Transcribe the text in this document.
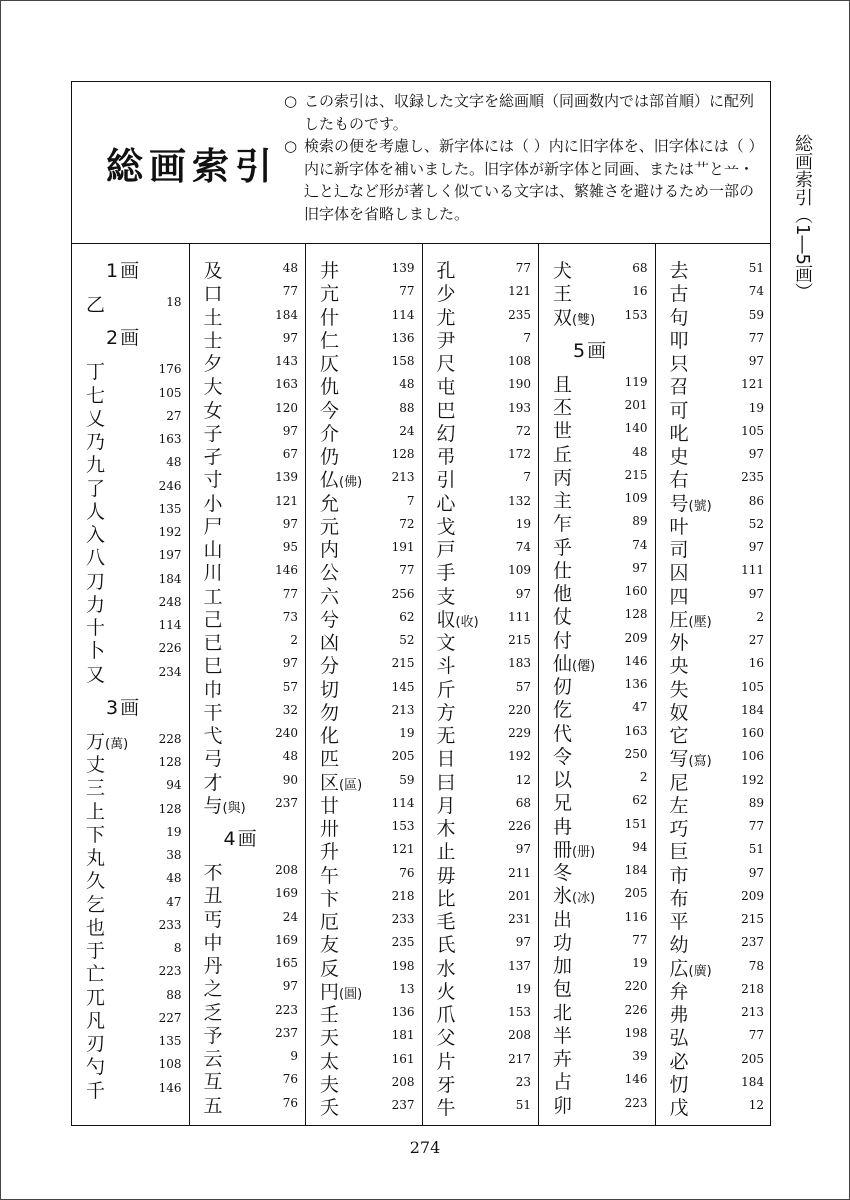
総画索引

○ この索引は、収録した文字を総画順（同画数内では部首順）に配列したものです。

○ 検索の便を考慮し、新字体には（ ）内に旧字体を、旧字体には（ ）内に新字体を補いました。旧字体が新字体と同画、または艹と䒑・⻌と辶など形が著しく似ている文字は、繁雑さを避けるため一部の旧字体を省略しました。

1画
乙	18
2画
丁	176
七	105
乂	27
乃	163
九	48
了	246
人	135
入	192
八	197
刀	184
力	248
十	114
卜	226
又	234
3画
万(萬)	228
丈	128
三	94
上	128
下	19
丸	38
久	48
乞	47
也	233
于	8
亡	223
兀	88
凡	227
刃	135
勺	108
千	146
及	48
口	77
土	184
士	97
夕	143
大	163
女	120
子	97
孑	67
寸	139
小	121
尸	97
山	95
川	146
工	77
己	73
已	2
巳	97
巾	57
干	32
弋	240
弓	48
才	90
与(與) 237
4画
不	208
丑	169
丐	24
中	169
丹	165
之	97
乏	223
予	237
云	9
互	76
五	76
井	139
亢	77
什	114
仁	136
仄	158
仇	48
今	88
介	24
仍	128
仏(佛) 213
允	7
元	72
内	191
公	77
六	256
兮	62
凶	52
分	215
切	145
勿	213
化	19
匹	205
区(區)	59
廿	114
卅	153
升	121
午	76
卞	218
厄	233
友	235
反	198
円(圓)	13
壬	136
天	181
太	161
夫	208
夭	237
孔	77
少	121
尤	235
尹	7
尺	108
屯	190
巴	193
幻	72
弔	172
引	7
心	132
戈	19
戸	74
手	109
支	97
収(收) 111
文	215
斗	183
斤	57
方	220
无	229
日	192
曰	12
月	68
木	226
止	97
毋	211
比	201
毛	231
氏	97
水	137
火	19
爪	153
父	208
片	217
牙	23
牛	51
犬	68
王	16
双(雙) 153
5画
且	119
丕	201
世	140
丘	48
丙	215
主	109
乍	89
乎	74
仕	97
他	160
仗	128
付	209
仙(僊) 146
仞	136
仡	47
代	163
令	250
以	2
兄	62
冉	151
冊(册)	94
冬	184
氷(冰) 205
出	116
功	77
加	19
包	220
北	226
半	198
卉	39
占	146
卯	223
去	51
古	74
句	59
叩	77
只	97
召	121
可	19
叱	105
史	97
右	235
号(號)	86
叶	52
司	97
囚	111
四	97
圧(壓)	2
外	27
央	16
失	105
奴	184
它	160
写(寫) 106
尼	192
左	89
巧	77
巨	51
市	97
布	209
平	215
幼	237
広(廣)	78
弁	218
弗	213
弘	77
必	205
忉	184
戊	12
総画索引（1―5画）
274
